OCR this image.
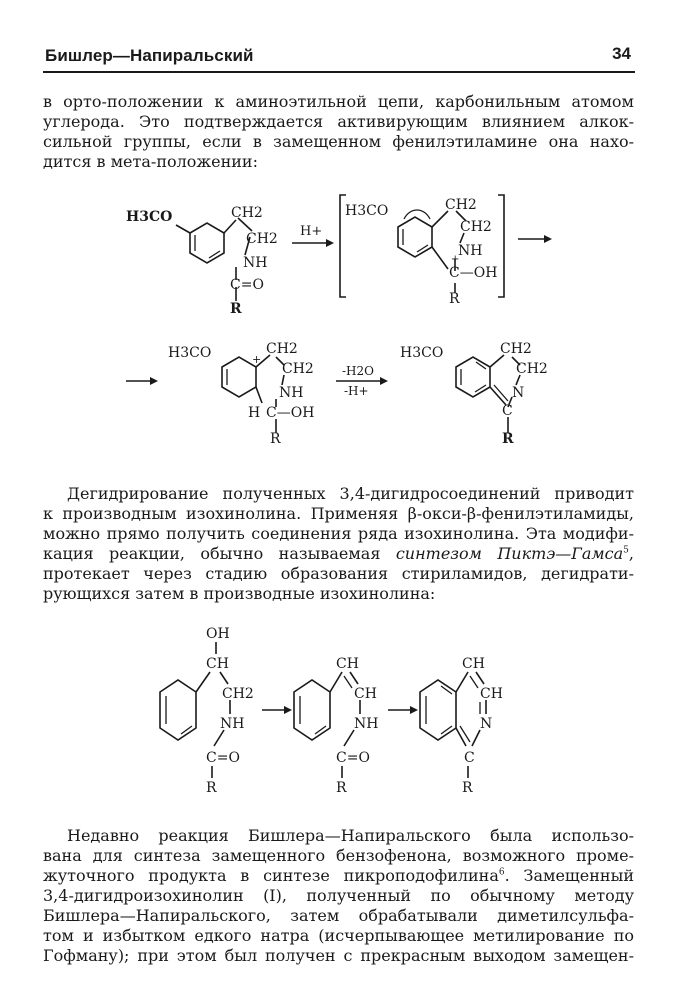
Бишлер—Напиральский	34
в орто-положении к аминоэтильной цепи, карбонильным атомом
углерода. Это подтверждается активирующим влиянием алкок-
сильной группы, если в замещенном фенилэтиламине она нахо-
дится в мета-положении:
H3CO	CH2
CH2
NH
C=O
R
H+
H3CO	CH2
CH2
NH
+
C—OH
R
H3CO	CH2
CH2
+
NH
H C—OH
R
-H2O
-H+
H3CO	CH2
CH2
N
C
R
Дегидрирование полученных 3,4-дигидросоединений приводит
к производным изохинолина. Применяя β-окси-β-фенилэтиламиды,
можно прямо получить соединения ряда изохинолина. Эта модифи-
кация реакции, обычно называемая синтезом Пиктэ—Гамса$^5$,
протекает через стадию образования стириламидов, дегидрати-
рующихся затем в производные изохинолина:
OH
CH
CH2
NH
C=O
R
CH
CH
NH
C=O
R
CH
CH
N
C
R
Недавно реакция Бишлера—Напиральского была использо-
вана для синтеза замещенного бензофенона, возможного проме-
жуточного продукта в синтезе пикроподофилина$^6$. Замещенный
3,4-дигидроизохинолин (I), полученный по обычному методу
Бишлера—Напиральского, затем обрабатывали диметилсульфа-
том и избытком едкого натра (исчерпывающее метилирование по
Гофману); при этом был получен с прекрасным выходом замещен-
